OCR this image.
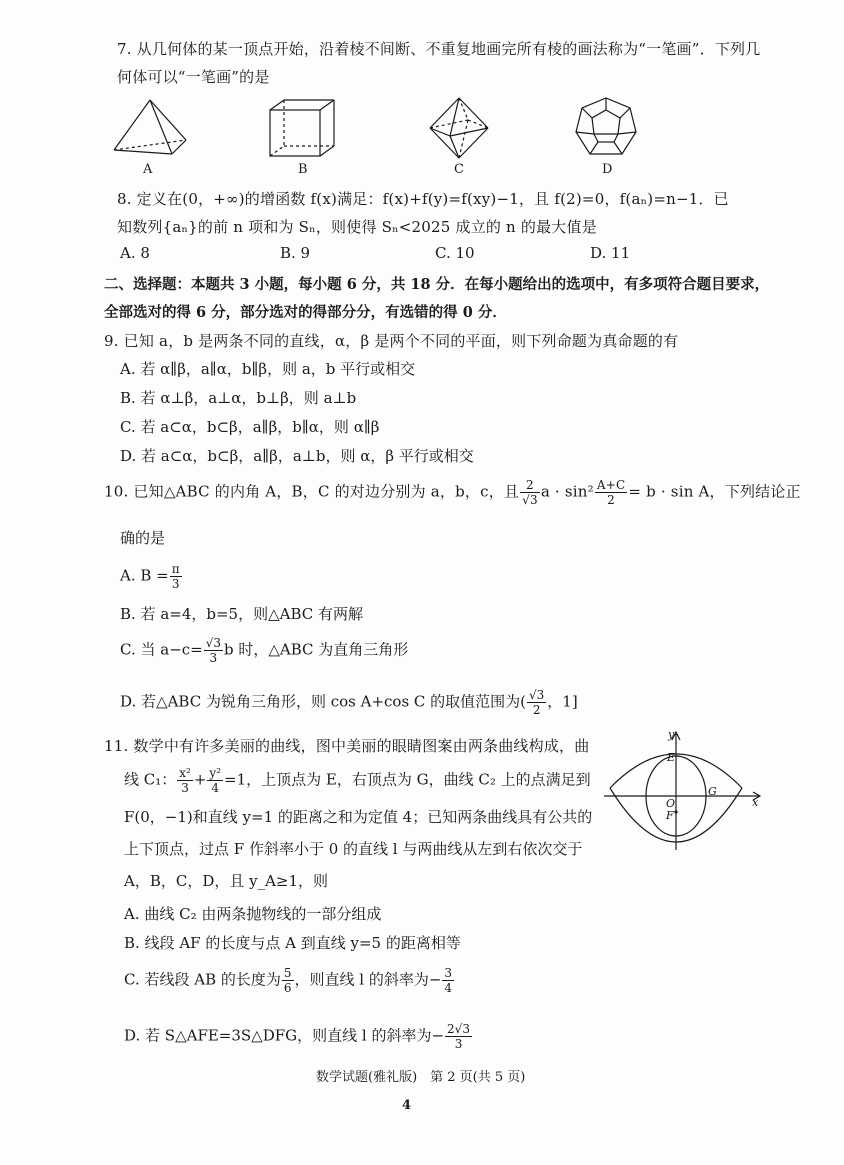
7. 从几何体的某一顶点开始，沿着棱不间断、不重复地画完所有棱的画法称为“一笔画”．下列几
何体可以“一笔画”的是
A	B	C	D
8. 定义在(0，+∞)的增函数 f(x)满足：f(x)+f(y)=f(xy)−1，且 f(2)=0，f(aₙ)=n−1．已
知数列{aₙ}的前 n 项和为 Sₙ，则使得 Sₙ<2025 成立的 n 的最大值是
A. 8	B. 9	C. 10	D. 11
二、选择题：本题共 3 小题，每小题 6 分，共 18 分．在每小题给出的选项中，有多项符合题目要求，
全部选对的得 6 分，部分选对的得部分分，有选错的得 0 分．
9. 已知 a，b 是两条不同的直线，α，β 是两个不同的平面，则下列命题为真命题的有
A. 若 α∥β，a∥α，b∥β，则 a，b 平行或相交
B. 若 α⊥β，a⊥α，b⊥β，则 a⊥b
C. 若 a⊂α，b⊂β，a∥β，b∥α，则 α∥β
D. 若 a⊂α，b⊂β，a∥β，a⊥b，则 α，β 平行或相交
10. 已知△ABC 的内角 A，B，C 的对边分别为 a，b，c，且 $\frac{2}{√3}$ $a \cdot \sin^2 \frac{A+C}{2} = b \cdot \sin A$，下列结论正
确的是
A. $B = \frac{\pi}{3}$
B. 若 a=4，b=5，则△ABC 有两解
C. 当 $a-c= \frac{√3}{3}$ b 时，△ABC 为直角三角形
D. 若△ABC 为锐角三角形，则 cos A+cos C 的取值范围为( $\frac{√3}{2}$ ，1]
11. 数学中有许多美丽的曲线，图中美丽的眼睛图案由两条曲线构成，曲
线 C₁： $\frac{\text{x²}}{3} + \frac{\text{y²}}{4} =1$，上顶点为 E，右顶点为 G，曲线 C₂ 上的点满足到
F(0，−1)和直线 y=1 的距离之和为定值 4；已知两条曲线具有公共的
上下顶点，过点 F 作斜率小于 0 的直线 l 与两曲线从左到右依次交于
A，B，C，D，且 y_A≥1，则
A. 曲线 C₂ 由两条抛物线的一部分组成
B. 线段 AF 的长度与点 A 到直线 y=5 的距离相等
C. 若线段 AB 的长度为 $\frac{5}{6}$ ，则直线 l 的斜率为− $\frac{3}{4}$
D. 若 S△AFE=3S△DFG，则直线 l 的斜率为− $\frac{2√3}{3}$
y
x
E
O
G
F
数学试题(雅礼版)　第 2 页(共 5 页)
4
